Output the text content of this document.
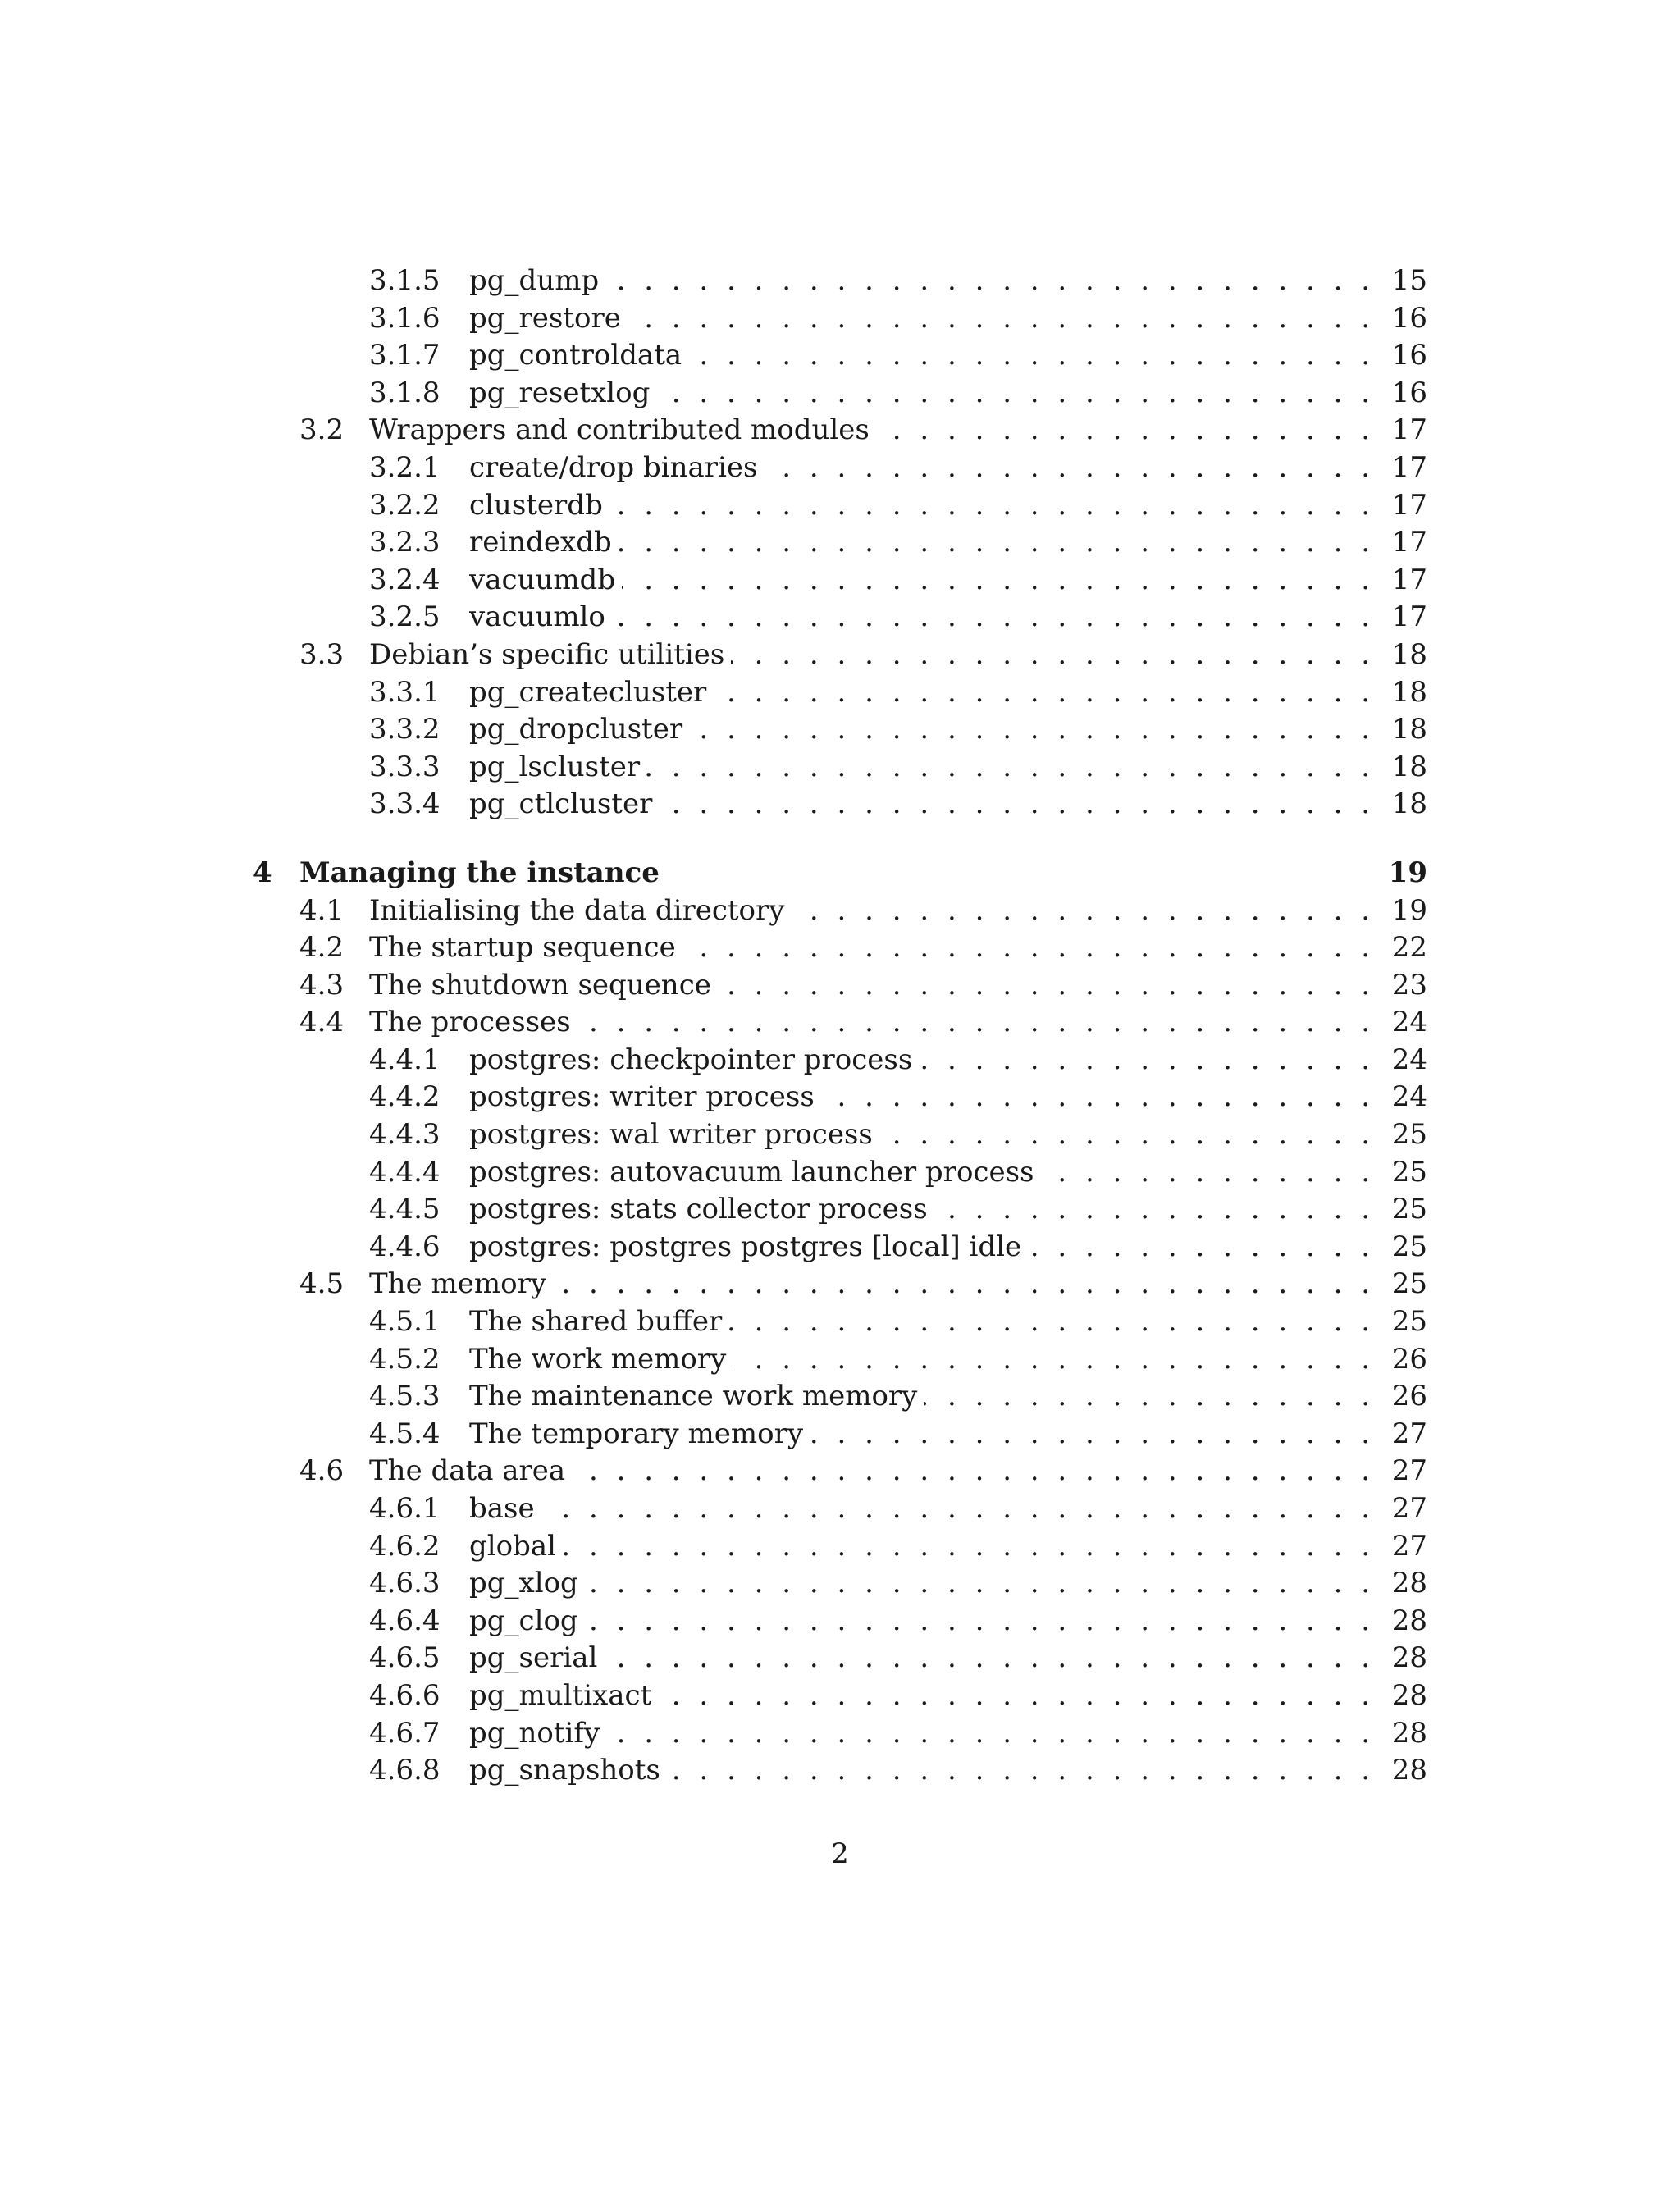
3.1.5 pg_dump . . .	15
3.1.6 pg_restore . . .	16
3.1.7 pg_controldata . . .	16
3.1.8 pg_resetxlog . . .	16
3.2 Wrappers and contributed modules . . .	17
3.2.1 create/drop binaries . . .	17
3.2.2 clusterdb . . .	17
3.2.3 reindexdb . . .	17
3.2.4 vacuumdb . . .	17
3.2.5 vacuumlo . . .	17
3.3 Debian’s specific utilities . . .	18
3.3.1 pg_createcluster . . .	18
3.3.2 pg_dropcluster . . .	18
3.3.3 pg_lscluster . . .	18
3.3.4 pg_ctlcluster . . .	18
4 Managing the instance	19
4.1 Initialising the data directory . . .	19
4.2 The startup sequence . . .	22
4.3 The shutdown sequence . . .	23
4.4 The processes . . .	24
4.4.1 postgres: checkpointer process . . .	24
4.4.2 postgres: writer process . . .	24
4.4.3 postgres: wal writer process . . .	25
4.4.4 postgres: autovacuum launcher process . . .	25
4.4.5 postgres: stats collector process . . .	25
4.4.6 postgres: postgres postgres [local] idle . . .	25
4.5 The memory . . .	25
4.5.1 The shared buffer . . .	25
4.5.2 The work memory . . .	26
4.5.3 The maintenance work memory . . .	26
4.5.4 The temporary memory . . .	27
4.6 The data area . . .	27
4.6.1 base . . .	27
4.6.2 global . . .	27
4.6.3 pg_xlog . . .	28
4.6.4 pg_clog . . .	28
4.6.5 pg_serial . . .	28
4.6.6 pg_multixact . . .	28
4.6.7 pg_notify . . .	28
4.6.8 pg_snapshots . . .	28
2
